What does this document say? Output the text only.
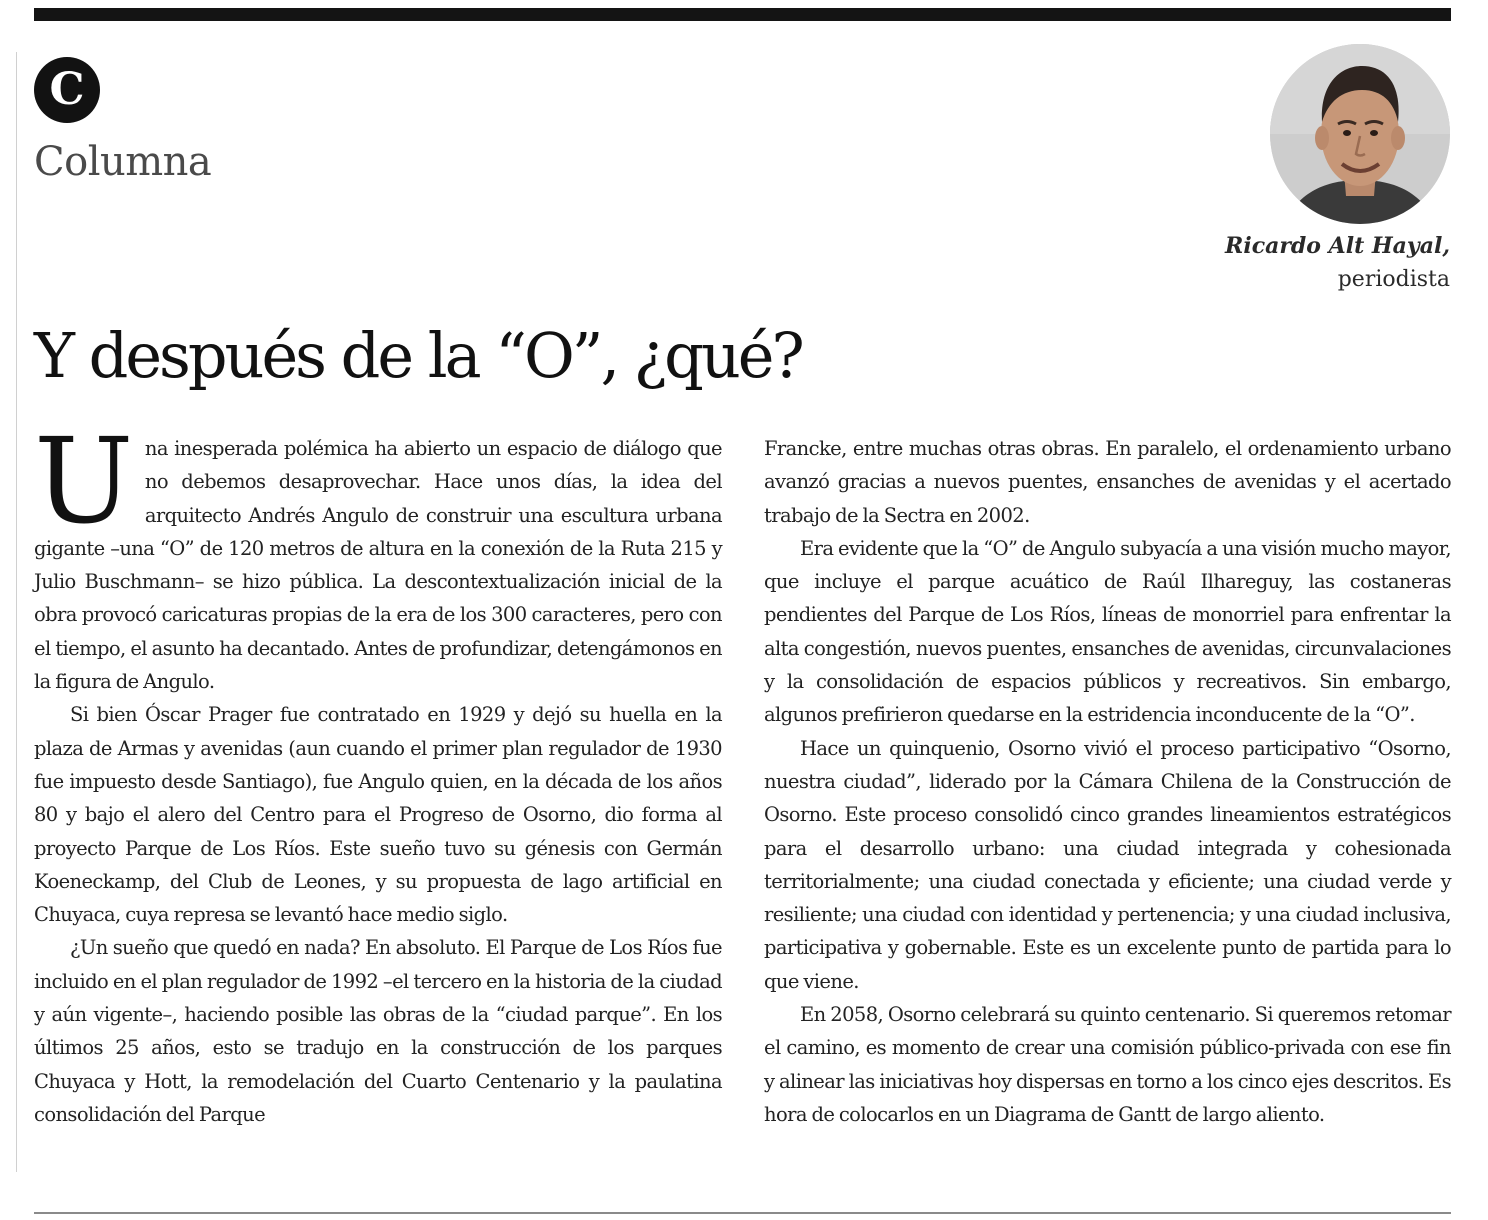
C
Columna
Ricardo Alt Hayal,
periodista
Y después de la “O”, ¿qué?

Una inesperada polémica ha abierto un espacio de diálogo que no debemos desaprovechar. Hace unos días, la idea del arquitecto Andrés Angulo de construir una escultura urbana gigante –una “O” de 120 metros de altura en la conexión de la Ruta 215 y Julio Buschmann– se hizo pública. La descontextualización inicial de la obra provocó caricaturas propias de la era de los 300 caracteres, pero con el tiempo, el asunto ha decantado. Antes de profundizar, detengámonos en la figura de Angulo.

Si bien Óscar Prager fue contratado en 1929 y dejó su huella en la plaza de Armas y avenidas (aun cuando el primer plan regulador de 1930 fue impuesto desde Santiago), fue Angulo quien, en la década de los años 80 y bajo el alero del Centro para el Progreso de Osorno, dio forma al proyecto Parque de Los Ríos. Este sueño tuvo su génesis con Germán Koeneckamp, del Club de Leones, y su propuesta de lago artificial en Chuyaca, cuya represa se levantó hace medio siglo.

¿Un sueño que quedó en nada? En absoluto. El Parque de Los Ríos fue incluido en el plan regulador de 1992 –el tercero en la historia de la ciudad y aún vigente–, haciendo posible las obras de la “ciudad parque”. En los últimos 25 años, esto se tradujo en la construcción de los parques Chuyaca y Hott, la remodelación del Cuarto Centenario y la paulatina consolidación del Parque

Francke, entre muchas otras obras. En paralelo, el ordenamiento urbano avanzó gracias a nuevos puentes, ensanches de avenidas y el acertado trabajo de la Sectra en 2002.

Era evidente que la “O” de Angulo subyacía a una visión mucho mayor, que incluye el parque acuático de Raúl Ilhareguy, las costaneras pendientes del Parque de Los Ríos, líneas de monorriel para enfrentar la alta congestión, nuevos puentes, ensanches de avenidas, circunvalaciones y la consolidación de espacios públicos y recreativos. Sin embargo, algunos prefirieron quedarse en la estridencia inconducente de la “O”.

Hace un quinquenio, Osorno vivió el proceso participativo “Osorno, nuestra ciudad”, liderado por la Cámara Chilena de la Construcción de Osorno. Este proceso consolidó cinco grandes lineamientos estratégicos para el desarrollo urbano: una ciudad integrada y cohesionada territorialmente; una ciudad conectada y eficiente; una ciudad verde y resiliente; una ciudad con identidad y pertenencia; y una ciudad inclusiva, participativa y gobernable. Este es un excelente punto de partida para lo que viene.

En 2058, Osorno celebrará su quinto centenario. Si queremos retomar el camino, es momento de crear una comisión público-privada con ese fin y alinear las iniciativas hoy dispersas en torno a los cinco ejes descritos. Es hora de colocarlos en un Diagrama de Gantt de largo aliento.
